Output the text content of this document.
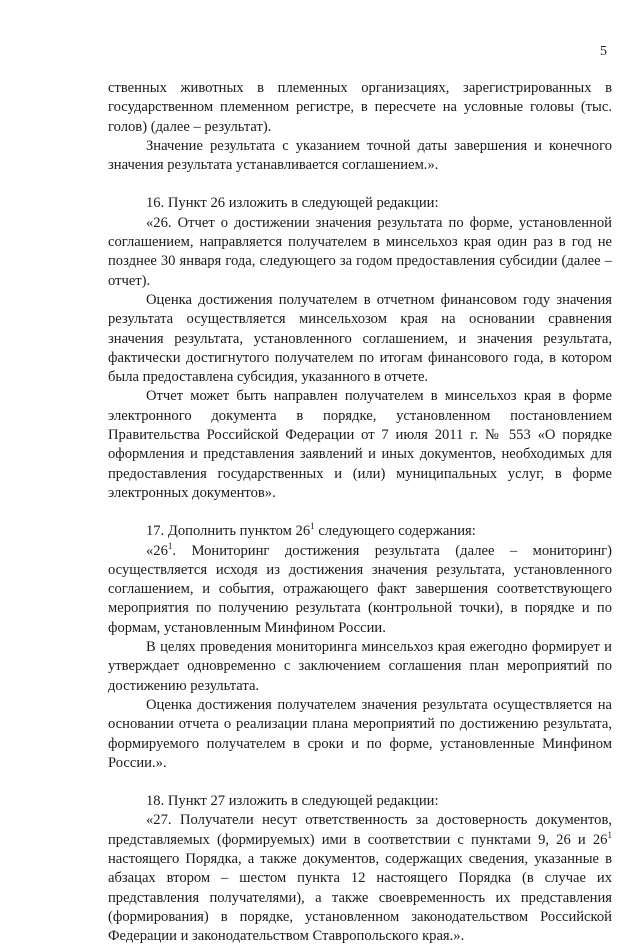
5

ственных животных в племенных организациях, зарегистрированных в государственном племенном регистре, в пересчете на условные головы (тыс. голов) (далее – результат).

Значение результата с указанием точной даты завершения и конечного значения результата устанавливается соглашением.».

16. Пункт 26 изложить в следующей редакции:

«26. Отчет о достижении значения результата по форме, установленной соглашением, направляется получателем в минсельхоз края один раз в год не позднее 30 января года, следующего за годом предоставления субсидии (далее – отчет).

Оценка достижения получателем в отчетном финансовом году значения результата осуществляется минсельхозом края на основании сравнения значения результата, установленного соглашением, и значения результата, фактически достигнутого получателем по итогам финансового года, в котором была предоставлена субсидия, указанного в отчете.

Отчет может быть направлен получателем в минсельхоз края в форме электронного документа в порядке, установленном постановлением Правительства Российской Федерации от 7 июля 2011 г. № 553 «О порядке оформления и представления заявлений и иных документов, необходимых для предоставления государственных и (или) муниципальных услуг, в форме электронных документов».

17. Дополнить пунктом $26^1$ следующего содержания:

«$26^1$. Мониторинг достижения результата (далее – мониторинг) осуществляется исходя из достижения значения результата, установленного соглашением, и события, отражающего факт завершения соответствующего мероприятия по получению результата (контрольной точки), в порядке и по формам, установленным Минфином России.

В целях проведения мониторинга минсельхоз края ежегодно формирует и утверждает одновременно с заключением соглашения план мероприятий по достижению результата.

Оценка достижения получателем значения результата осуществляется на основании отчета о реализации плана мероприятий по достижению результата, формируемого получателем в сроки и по форме, установленные Минфином России.».

18. Пункт 27 изложить в следующей редакции:

«27. Получатели несут ответственность за достоверность документов, представляемых (формируемых) ими в соответствии с пунктами 9, 26 и $26^1$ настоящего Порядка, а также документов, содержащих сведения, указанные в абзацах втором – шестом пункта 12 настоящего Порядка (в случае их представления получателями), а также своевременность их представления (формирования) в порядке, установленном законодательством Российской Федерации и законодательством Ставропольского края.».
